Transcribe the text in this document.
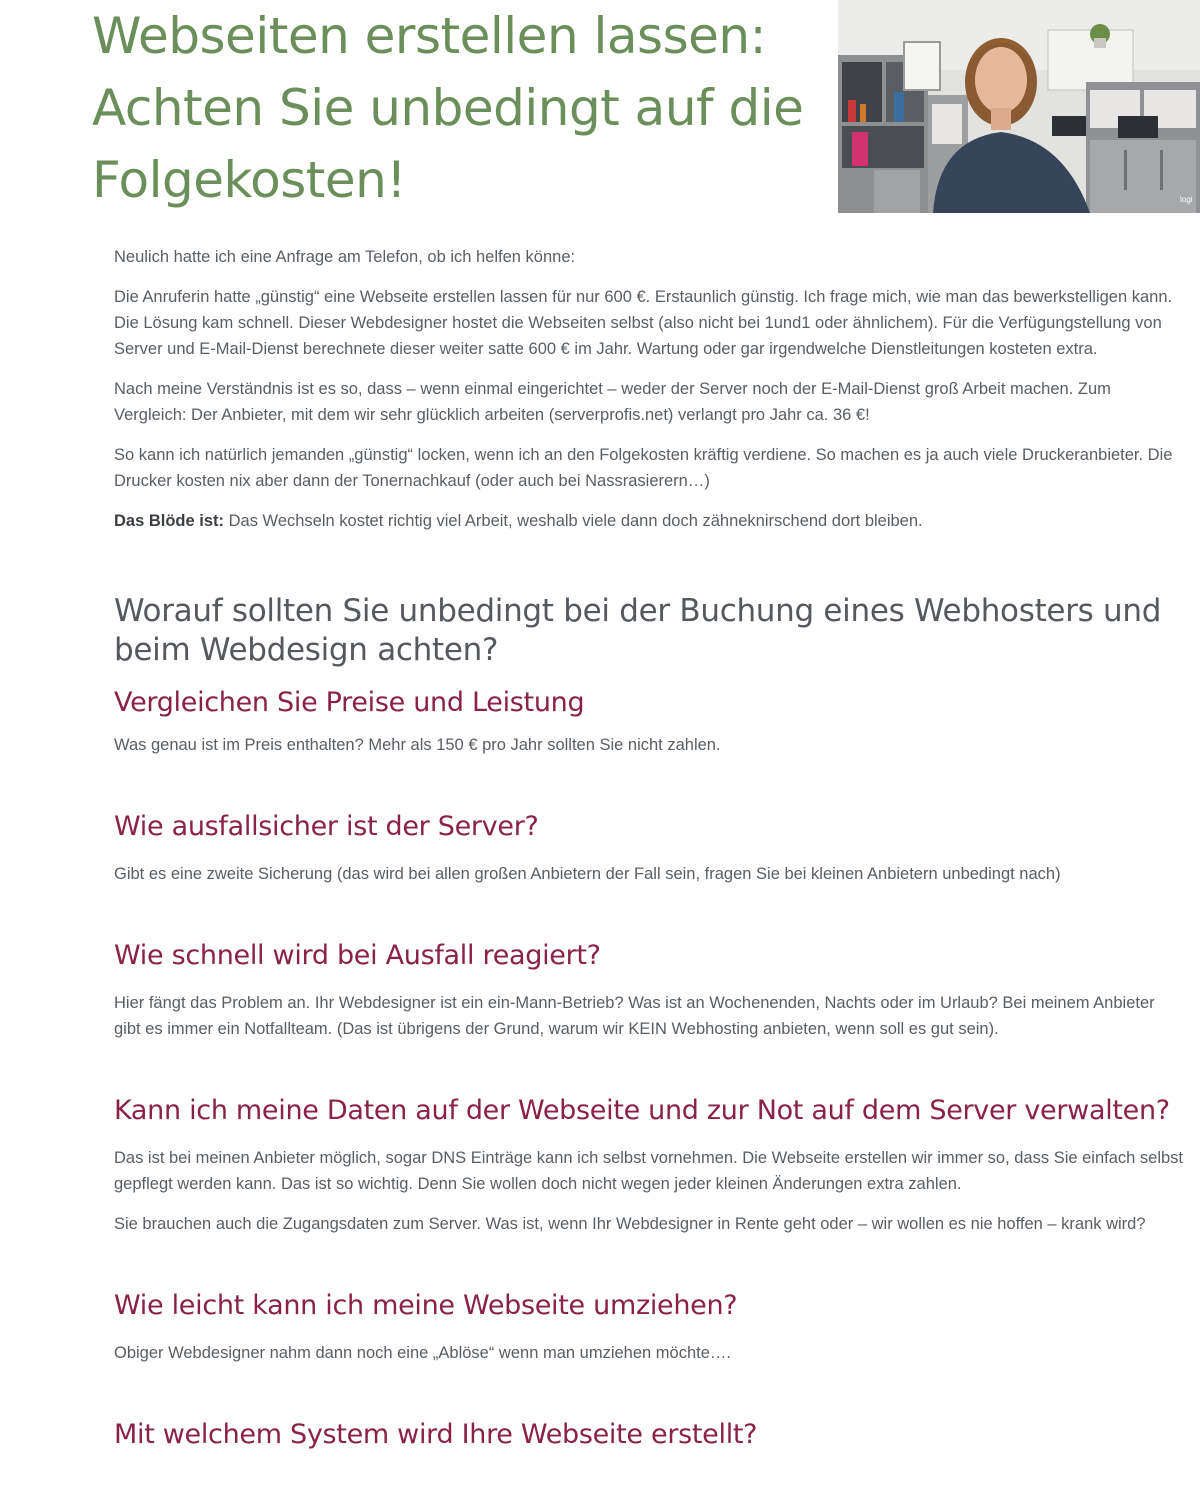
Webseiten erstellen lassen:
Achten Sie unbedingt auf die
Folgekosten!	logi

Neulich hatte ich eine Anfrage am Telefon, ob ich helfen könne:

Die Anruferin hatte „günstig“ eine Webseite erstellen lassen für nur 600 €. Erstaunlich günstig. Ich frage mich, wie man das bewerkstelligen kann. Die Lösung kam schnell. Dieser Webdesigner hostet die Webseiten selbst (also nicht bei 1und1 oder ähnlichem). Für die Verfügungstellung von Server und E-Mail-Dienst berechnete dieser weiter satte 600 € im Jahr. Wartung oder gar irgendwelche Dienstleitungen kosteten extra.

Nach meine Verständnis ist es so, dass – wenn einmal eingerichtet – weder der Server noch der E-Mail-Dienst groß Arbeit machen. Zum Vergleich: Der Anbieter, mit dem wir sehr glücklich arbeiten (serverprofis.net) verlangt pro Jahr ca. 36 €!

So kann ich natürlich jemanden „günstig“ locken, wenn ich an den Folgekosten kräftig verdiene. So machen es ja auch viele Druckeranbieter. Die Drucker kosten nix aber dann der Tonernachkauf (oder auch bei Nassrasierern…)

Das Blöde ist: Das Wechseln kostet richtig viel Arbeit, weshalb viele dann doch zähneknirschend dort bleiben.

Worauf sollten Sie unbedingt bei der Buchung eines Webhosters und beim Webdesign achten?
Vergleichen Sie Preise und Leistung

Was genau ist im Preis enthalten? Mehr als 150 € pro Jahr sollten Sie nicht zahlen.

Wie ausfallsicher ist der Server?

Gibt es eine zweite Sicherung (das wird bei allen großen Anbietern der Fall sein, fragen Sie bei kleinen Anbietern unbedingt nach)

Wie schnell wird bei Ausfall reagiert?

Hier fängt das Problem an. Ihr Webdesigner ist ein ein-Mann-Betrieb? Was ist an Wochenenden, Nachts oder im Urlaub? Bei meinem Anbieter gibt es immer ein Notfallteam. (Das ist übrigens der Grund, warum wir KEIN Webhosting anbieten, wenn soll es gut sein).

Kann ich meine Daten auf der Webseite und zur Not auf dem Server verwalten?

Das ist bei meinen Anbieter möglich, sogar DNS Einträge kann ich selbst vornehmen. Die Webseite erstellen wir immer so, dass Sie einfach selbst gepflegt werden kann. Das ist so wichtig. Denn Sie wollen doch nicht wegen jeder kleinen Änderungen extra zahlen.

Sie brauchen auch die Zugangsdaten zum Server. Was ist, wenn Ihr Webdesigner in Rente geht oder – wir wollen es nie hoffen – krank wird?

Wie leicht kann ich meine Webseite umziehen?

Obiger Webdesigner nahm dann noch eine „Ablöse“ wenn man umziehen möchte….

Mit welchem System wird Ihre Webseite erstellt?
